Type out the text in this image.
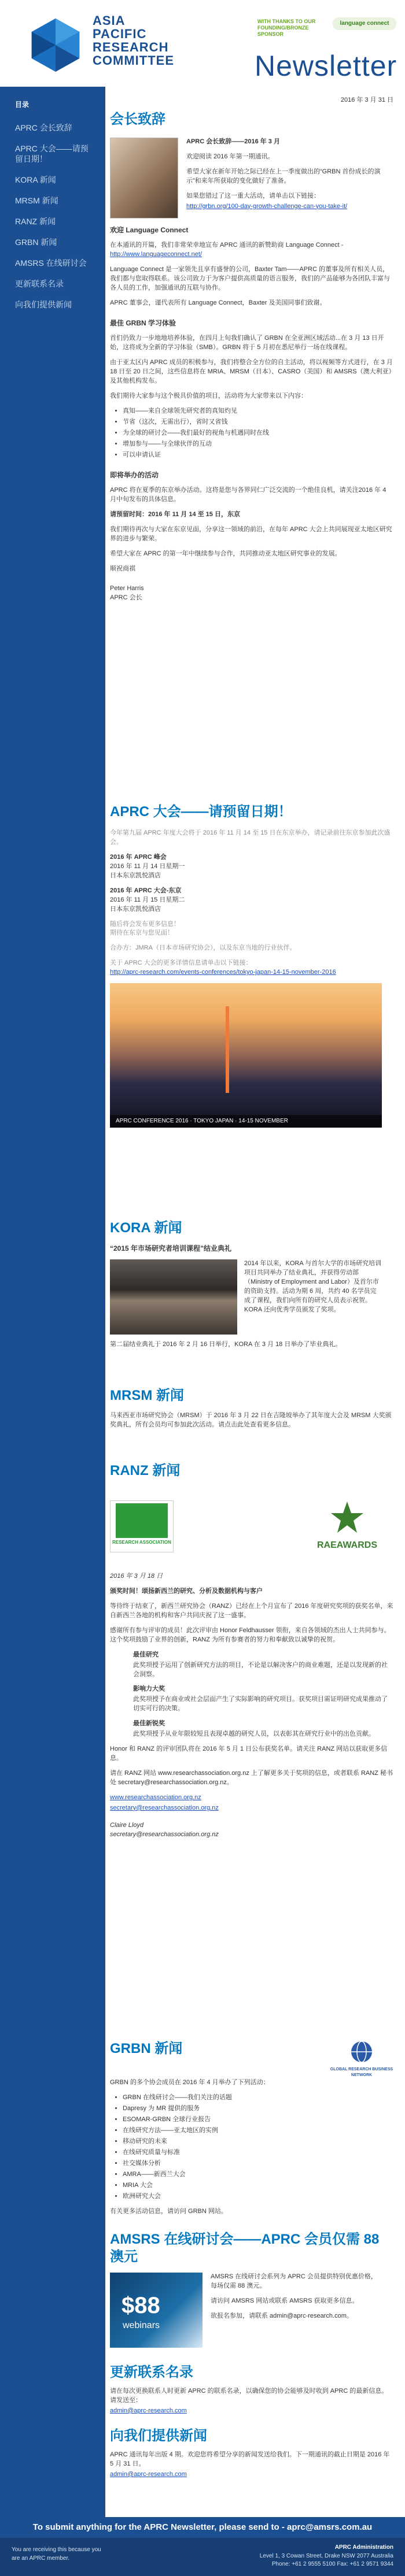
ASIA
PACIFIC
RESEARCH
COMMITTEE
WITH THANKS TO OUR FOUNDING/BRONZE SPONSOR
language connect
Newsletter
目录
APRC 会长致辞
APRC 大会——请预留日期！
KORA 新闻
MRSM 新闻
RANZ 新闻
GRBN 新闻
AMSRS 在线研讨会
更新联系名录
向我们提供新闻
2016 年 3 月 31 日
会长致辞

APRC 会长致辞——2016 年 3 月

欢迎阅读 2016 年第一期通讯。

希望大家在新年开始之际已经在上一季度做出的“GRBN 首份成长的演示”和来年所获取的变化做好了准备。

如果您错过了这一重大活动，请单击以下链接：

http://grbn.org/100-day-growth-challenge-can-you-take-it/

欢迎 Language Connect

在本通讯的开篇，我们非常荣幸地宣布 APRC 通讯的新赞助商 Language Connect -

http://www.languageconnect.net/

Language Connect 是一家领先且享有盛誉的公司，Baxter Tam——APRC 的董事及所有相关人员，我们都与您取得联系。该公司致力于为客户提供高质量的语言服务，我们的产品能够为各团队丰富与各人员的工作，加强通讯的互联与协作。

APRC 董事会，谨代表所有 Language Connect，Baxter 及美国同事们致谢。

最佳 GRBN 学习体验

首们仍致力一步地地培养体验，在四月上旬我们确认了 GRBN 在全亚洲区域活动...在 3 月 13 日开始，这将成为全新的学习体验（SMB）。GRBN 将于 5 月初在悉尼举行一场在线课程。

由于亚太区内 APRC 成员的积极参与，我们将整合全方位的自主活动，将以视频等方式进行，在 3 月 18 日至 20 日之间，这些信息将在 MRIA、MRSM（日本）、CASRO（美国）和 AMSRS（澳大利亚）及其他机构发布。

我们期待大家参与这个极具价值的项目，活动将为大家带来以下内容：

• 真知——来自全球领先研究者的真知灼见
• 节省（这次，无需出行），省时又省钱
• 为全球的研讨会——我们最好的视角与机遇同时在线
• 增加参与——与全球伙伴的互动
• 可以申请认证

即将举办的活动

APRC 将在夏季的东京举办活动。这将是您与各界同仁广泛交流的一个绝佳良机，请关注2016 年 4 月中旬发布的具体信息。

请预留时间：2016 年 11 月 14 至 15 日，东京

我们期待再次与大家在东京见面，分享这一领域的前沿，在每年 APRC 大会上共同展现亚太地区研究界的进步与繁荣。

希望大家在 APRC 的第一年中继续参与合作，共同推动亚太地区研究事业的发展。

顺祝商祺

Peter Harris

APRC 会长

APRC 大会——请预留日期！

今年第九届 APRC 年度大会将于 2016 年 11 月 14 至 15 日在东京举办，请记录前往东京参加此次盛会。

2016 年 APRC 峰会

2016 年 11 月 14 日星期一

日本东京凯悦酒店

2016 年 APRC 大会-东京

2016 年 11 月 15 日星期二

日本东京凯悦酒店

随后将会发布更多信息！

期待在东京与您见面！

合办方：JMRA（日本市场研究协会），以及东京当地的行业伙伴。

关于 APRC 大会的更多详情信息请单击以下链接：

http://aprc-research.com/events-conferences/tokyo-japan-14-15-november-2016

APRC CONFERENCE 2016 · TOKYO JAPAN · 14-15 NOVEMBER
KORA 新闻

“2015 年市场研究者培训课程”结业典礼

2014 年以来，KORA 与首尔大学的市场研究培训项目共同举办了结业典礼，并获得劳动部（Ministry of Employment and Labor）及首尔市的资助支持。活动为期 6 周，共约 40 名学员完成了课程，我们向所有的研究人员表示祝贺。KORA 还向优秀学员颁发了奖项。

第二届结业典礼于 2016 年 2 月 16 日举行，KORA 在 3 月 18 日举办了毕业典礼。

MRSM 新闻

马来西亚市场研究协会（MRSM）于 2016 年 3 月 22 日在吉隆坡举办了其年度大会及 MRSM 大奖颁奖典礼，所有会员均可参加此次活动。请点击此处查看更多信息。

RANZ 新闻
RESEARCH ASSOCIATION	RAEAWARDS

2016 年 3 月 18 日

颁奖时间！颂扬新西兰的研究、分析及数据机构与客户

等待终于结束了，新西兰研究协会（RANZ）已经在上个月宣布了 2016 年度研究奖项的获奖名单，来自新西兰各地的机构和客户共同庆祝了这一盛事。

感谢所有参与评审的成员！此次评审由 Honor Feldhausser 领衔，来自各领域的杰出人士共同参与。这个奖项鼓励了业界的创新，RANZ 为所有参赛者的努力和奉献致以诚挚的祝贺。

最佳研究

此奖项授予运用了创新研究方法的项目，不论是以解决客户的商业难题，还是以发现新的社会洞察。

影响力大奖

此奖项授予在商业或社会层面产生了实际影响的研究项目。获奖项目需证明研究成果推动了切实可行的决策。

最佳新锐奖

此奖项授予从业年限较短且表现卓越的研究人员，以表彰其在研究行业中的出色贡献。

Honor 和 RANZ 的评审团队将在 2016 年 5 月 1 日公布获奖名单。请关注 RANZ 网站以获取更多信息。

请在 RANZ 网站 www.researchassociation.org.nz 上了解更多关于奖项的信息，或者联系 RANZ 秘书处 secretary@researchassociation.org.nz。

www.researchassociation.org.nz

secretary@researchassociation.org.nz

Claire Lloyd

secretary@researchassociation.org.nz

GRBN 新闻
GLOBAL RESEARCH BUSINESS NETWORK

GRBN 的多个协会成员在 2016 年 4 月举办了下列活动：

• GRBN 在线研讨会——我们关注的话题
• Dapresy 为 MR 提供的服务
• ESOMAR-GRBN 全球行业报告
• 在线研究方法——亚太地区的实例
• 移动研究的未来
• 在线研究质量与标准
• 社交媒体分析
• AMRA——新西兰大会
• MRIA 大会
• 欧洲研究大会

有关更多活动信息，请访问 GRBN 网站。

AMSRS 在线研讨会——APRC 会员仅需 88 澳元
$88
webinars

AMSRS 在线研讨会系列为 APRC 会员提供特别优惠价格，每场仅需 88 澳元。

请访问 AMSRS 网站或联系 AMSRS 获取更多信息。

欲报名参加，请联系 admin@aprc-research.com。

更新联系名录

请在每次更换联系人时更新 APRC 的联系名录，以确保您的协会能够及时收到 APRC 的最新信息。请发送至：

admin@aprc-research.com

向我们提供新闻

APRC 通讯每年出版 4 期。欢迎您将希望分享的新闻发送给我们。下一期通讯的截止日期是 2016 年 5 月 31 日。

admin@aprc-research.com

To submit anything for the APRC Newsletter, please send to - aprc@amsrs.com.au
You are receiving this because you
are an APRC member.
APRC Administration
Level 1, 3 Cowan Street, Drake NSW 2077 Australia
Phone: +61 2 9555 5100 Fax: +61 2 9571 9344
